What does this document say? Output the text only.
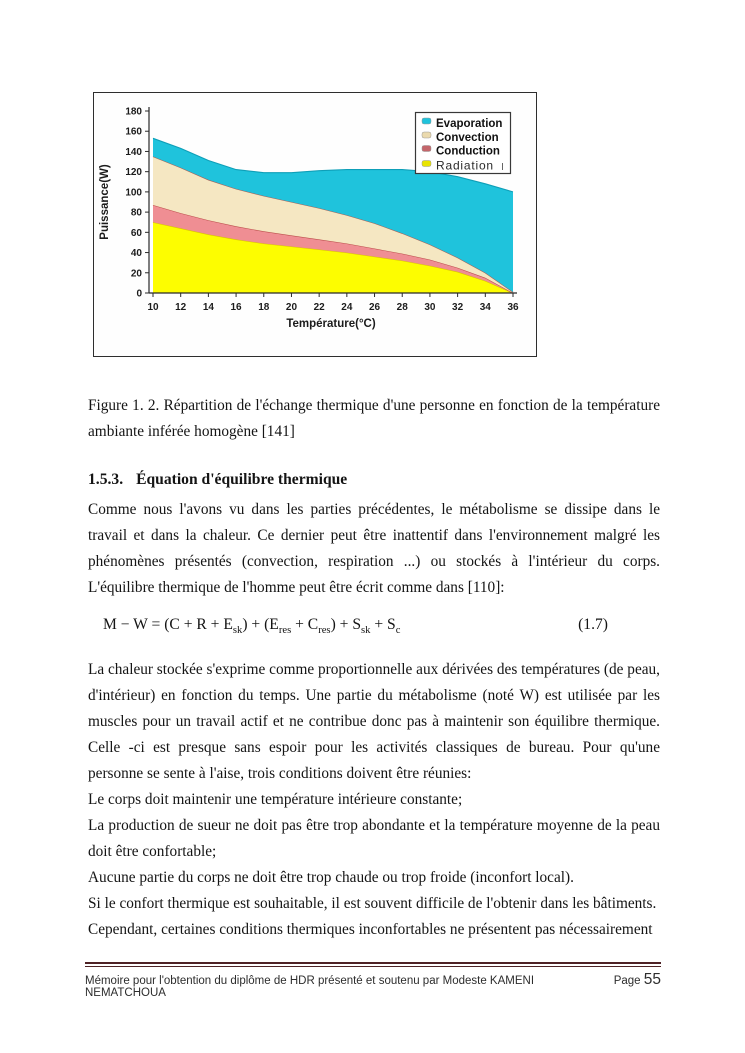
0
20
40
60
80
100
120
140
160
180
10 12 14 16 18 20 22 24 26 28 30 32 34 36
Température(°C)
Puissance(W)
Evaporation
Convection
Conduction
Radiation

Figure 1. 2. Répartition de l'échange thermique d'une personne en fonction de la température ambiante inférée homogène [141]

1.5.3. Équation d'équilibre thermique

Comme nous l'avons vu dans les parties précédentes, le métabolisme se dissipe dans le travail et dans la chaleur. Ce dernier peut être inattentif dans l'environnement malgré les phénomènes présentés (convection, respiration ...) ou stockés à l'intérieur du corps. L'équilibre thermique de l'homme peut être écrit comme dans [110]:

$M - W = (C + R + E_{sk}) + (E_{res} + C_{res}) + S_{sk} + S_c$	(1.7)

La chaleur stockée s'exprime comme proportionnelle aux dérivées des températures (de peau, d'intérieur) en fonction du temps. Une partie du métabolisme (noté W) est utilisée par les muscles pour un travail actif et ne contribue donc pas à maintenir son équilibre thermique. Celle -ci est presque sans espoir pour les activités classiques de bureau. Pour qu'une personne se sente à l'aise, trois conditions doivent être réunies:

Le corps doit maintenir une température intérieure constante;

La production de sueur ne doit pas être trop abondante et la température moyenne de la peau doit être confortable;

Aucune partie du corps ne doit être trop chaude ou trop froide (inconfort local).

Si le confort thermique est souhaitable, il est souvent difficile de l'obtenir dans les bâtiments.

Cependant, certaines conditions thermiques inconfortables ne présentent pas nécessairement

Mémoire pour l'obtention du diplôme de HDR présenté et soutenu par Modeste KAMENI NEMATCHOUA
Page 55
